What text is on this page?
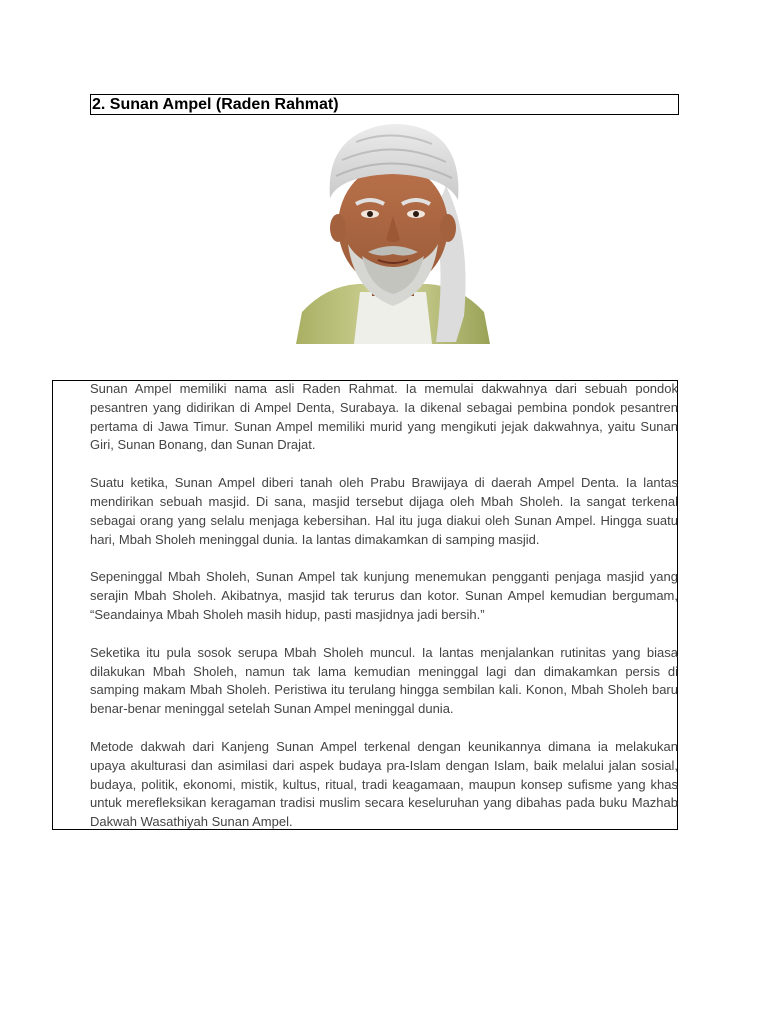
2. Sunan Ampel (Raden Rahmat)

Sunan Ampel memiliki nama asli Raden Rahmat. Ia memulai dakwahnya dari sebuah pondok pesantren yang didirikan di Ampel Denta, Surabaya. Ia dikenal sebagai pembina pondok pesantren pertama di Jawa Timur. Sunan Ampel memiliki murid yang mengikuti jejak dakwahnya, yaitu Sunan Giri, Sunan Bonang, dan Sunan Drajat.

Suatu ketika, Sunan Ampel diberi tanah oleh Prabu Brawijaya di daerah Ampel Denta. Ia lantas mendirikan sebuah masjid. Di sana, masjid tersebut dijaga oleh Mbah Sholeh. Ia sangat terkenal sebagai orang yang selalu menjaga kebersihan. Hal itu juga diakui oleh Sunan Ampel. Hingga suatu hari, Mbah Sholeh meninggal dunia. Ia lantas dimakamkan di samping masjid.

Sepeninggal Mbah Sholeh, Sunan Ampel tak kunjung menemukan pengganti penjaga masjid yang serajin Mbah Sholeh. Akibatnya, masjid tak terurus dan kotor. Sunan Ampel kemudian bergumam, “Seandainya Mbah Sholeh masih hidup, pasti masjidnya jadi bersih.”

Seketika itu pula sosok serupa Mbah Sholeh muncul. Ia lantas menjalankan rutinitas yang biasa dilakukan Mbah Sholeh, namun tak lama kemudian meninggal lagi dan dimakamkan persis di samping makam Mbah Sholeh. Peristiwa itu terulang hingga sembilan kali. Konon, Mbah Sholeh baru benar-benar meninggal setelah Sunan Ampel meninggal dunia.

Metode dakwah dari Kanjeng Sunan Ampel terkenal dengan keunikannya dimana ia melakukan upaya akulturasi dan asimilasi dari aspek budaya pra-Islam dengan Islam, baik melalui jalan sosial, budaya, politik, ekonomi, mistik, kultus, ritual, tradi keagamaan, maupun konsep sufisme yang khas untuk merefleksikan keragaman tradisi muslim secara keseluruhan yang dibahas pada buku Mazhab Dakwah Wasathiyah Sunan Ampel.
